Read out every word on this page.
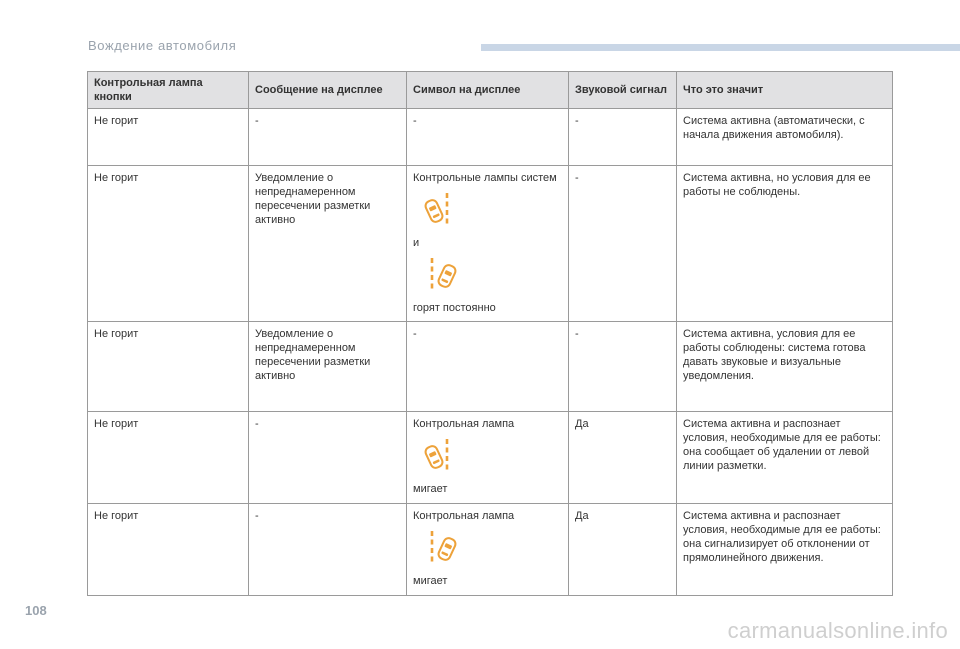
Вождение автомобиля
Контрольная лампа кнопки	Сообщение на дисплее	Символ на дисплее	Звуковой сигнал	Что это значит
Не горит	-	-	-	Система активна (автоматически, с начала движения автомобиля).
Не горит	Уведомление о непреднамеренном пересечении разметки активно	Контрольные лампы систем
и
горят постоянно	-	Система активна, но условия для ее работы не соблюдены.
Не горит	Уведомление о непреднамеренном пересечении разметки активно	-	-	Система активна, условия для ее работы соблюдены: система готова давать звуковые и визуальные уведомления.
Не горит	-	Контрольная лампа
мигает	Да	Система активна и распознает условия, необходимые для ее работы: она сообщает об удалении от левой линии разметки.
Не горит	-	Контрольная лампа
мигает	Да	Система активна и распознает условия, необходимые для ее работы: она сигнализирует об отклонении от прямолинейного движения.
108
carmanualsonline.info
